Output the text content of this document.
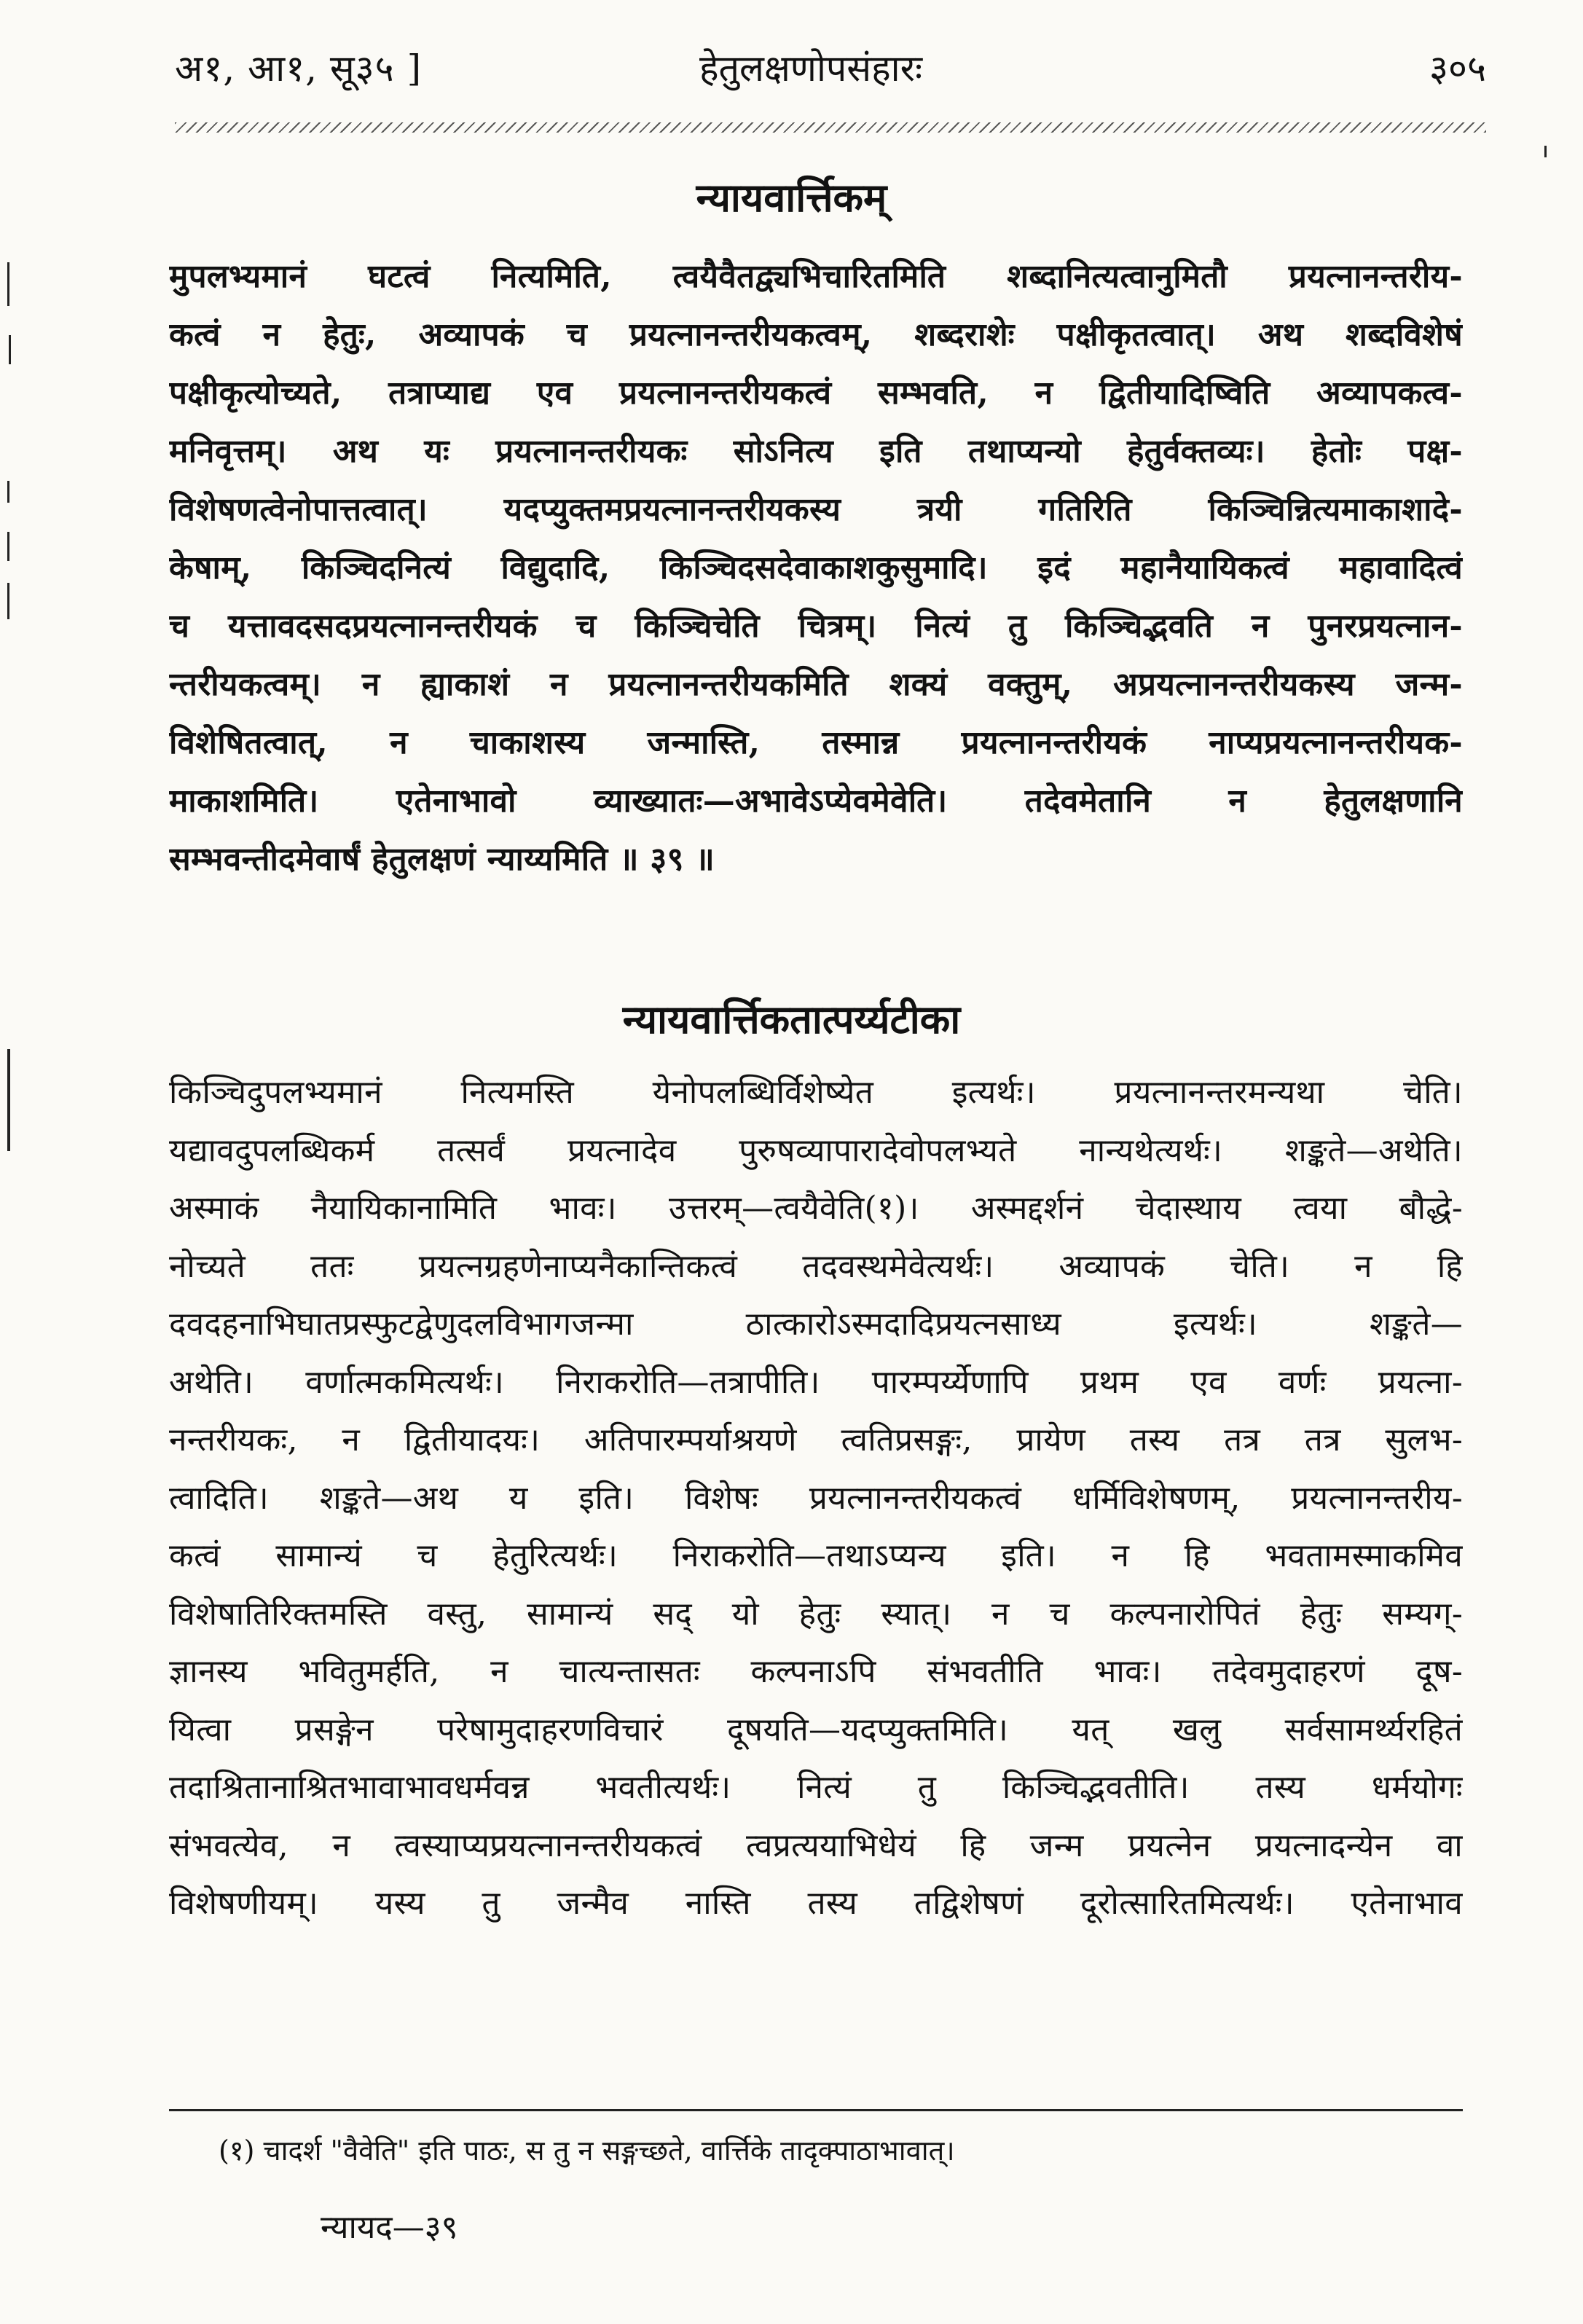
अ१, आ१, सू३५ ]	हेतुलक्षणोपसंहारः	३०५
न्यायवार्त्तिकम्
मुपलभ्यमानं घटत्वं नित्यमिति, त्वयैवैतद्व्यभिचारितमिति शब्दानित्यत्वानुमितौ प्रयत्नानन्तरीय-
कत्वं न हेतुः, अव्यापकं च प्रयत्नानन्तरीयकत्वम्, शब्दराशेः पक्षीकृतत्वात्। अथ शब्दविशेषं
पक्षीकृत्योच्यते, तत्राप्याद्य एव प्रयत्नानन्तरीयकत्वं सम्भवति, न द्वितीयादिष्विति अव्यापकत्व-
मनिवृत्तम्। अथ यः प्रयत्नानन्तरीयकः सोऽनित्य इति तथाप्यन्यो हेतुर्वक्तव्यः। हेतोः पक्ष-
विशेषणत्वेनोपात्तत्वात्। यदप्युक्तमप्रयत्नानन्तरीयकस्य त्रयी गतिरिति किञ्चिन्नित्यमाकाशादे-
केषाम्, किञ्चिदनित्यं विद्युदादि, किञ्चिदसदेवाकाशकुसुमादि। इदं महानैयायिकत्वं महावादित्वं
च यत्तावदसदप्रयत्नानन्तरीयकं च किञ्चिचेति चित्रम्। नित्यं तु किञ्चिद्भवति न पुनरप्रयत्नान-
न्तरीयकत्वम्। न ह्याकाशं न प्रयत्नानन्तरीयकमिति शक्यं वक्तुम्, अप्रयत्नानन्तरीयकस्य जन्म-
विशेषितत्वात्, न चाकाशस्य जन्मास्ति, तस्मान्न प्रयत्नानन्तरीयकं नाप्यप्रयत्नानन्तरीयक-
माकाशमिति। एतेनाभावो व्याख्यातः—अभावेऽप्येवमेवेति। तदेवमेतानि न हेतुलक्षणानि
सम्भवन्तीदमेवार्षं हेतुलक्षणं न्याय्यमिति ॥ ३९ ॥
न्यायवार्त्तिकतात्पर्य्यटीका
किञ्चिदुपलभ्यमानं नित्यमस्ति येनोपलब्धिर्विशेष्येत इत्यर्थः। प्रयत्नानन्तरमन्यथा चेति।
यद्यावदुपलब्धिकर्म तत्सर्वं प्रयत्नादेव पुरुषव्यापारादेवोपलभ्यते नान्यथेत्यर्थः। शङ्कते—अथेति।
अस्माकं नैयायिकानामिति भावः। उत्तरम्—त्वयैवेति(१)। अस्मद्दर्शनं चेदास्थाय त्वया बौद्धे-
नोच्यते ततः प्रयत्नग्रहणेनाप्यनैकान्तिकत्वं तदवस्थमेवेत्यर्थः। अव्यापकं चेति। न हि
दवदहनाभिघातप्रस्फुटद्वेणुदलविभागजन्मा ठात्कारोऽस्मदादिप्रयत्नसाध्य इत्यर्थः। शङ्कते—
अथेति। वर्णात्मकमित्यर्थः। निराकरोति—तत्रापीति। पारम्पर्य्येणापि प्रथम एव वर्णः प्रयत्ना-
नन्तरीयकः, न द्वितीयादयः। अतिपारम्पर्याश्रयणे त्वतिप्रसङ्गः, प्रायेण तस्य तत्र तत्र सुलभ-
त्वादिति। शङ्कते—अथ य इति। विशेषः प्रयत्नानन्तरीयकत्वं धर्मिविशेषणम्, प्रयत्नानन्तरीय-
कत्वं सामान्यं च हेतुरित्यर्थः। निराकरोति—तथाऽप्यन्य इति। न हि भवतामस्माकमिव
विशेषातिरिक्तमस्ति वस्तु, सामान्यं सद् यो हेतुः स्यात्। न च कल्पनारोपितं हेतुः सम्यग्-
ज्ञानस्य भवितुमर्हति, न चात्यन्तासतः कल्पनाऽपि संभवतीति भावः। तदेवमुदाहरणं दूष-
यित्वा प्रसङ्गेन परेषामुदाहरणविचारं दूषयति—यदप्युक्तमिति। यत् खलु सर्वसामर्थ्यरहितं
तदाश्रितानाश्रितभावाभावधर्मवन्न भवतीत्यर्थः। नित्यं तु किञ्चिद्भवतीति। तस्य धर्मयोगः
संभवत्येव, न त्वस्याप्यप्रयत्नानन्तरीयकत्वं त्वप्रत्ययाभिधेयं हि जन्म प्रयत्नेन प्रयत्नादन्येन वा
विशेषणीयम्। यस्य तु जन्मैव नास्ति तस्य तद्विशेषणं दूरोत्सारितमित्यर्थः। एतेनाभाव
(१) चादर्श "वैवेति" इति पाठः, स तु न सङ्गच्छते, वार्त्तिके तादृक्पाठाभावात्।
न्यायद—३९
